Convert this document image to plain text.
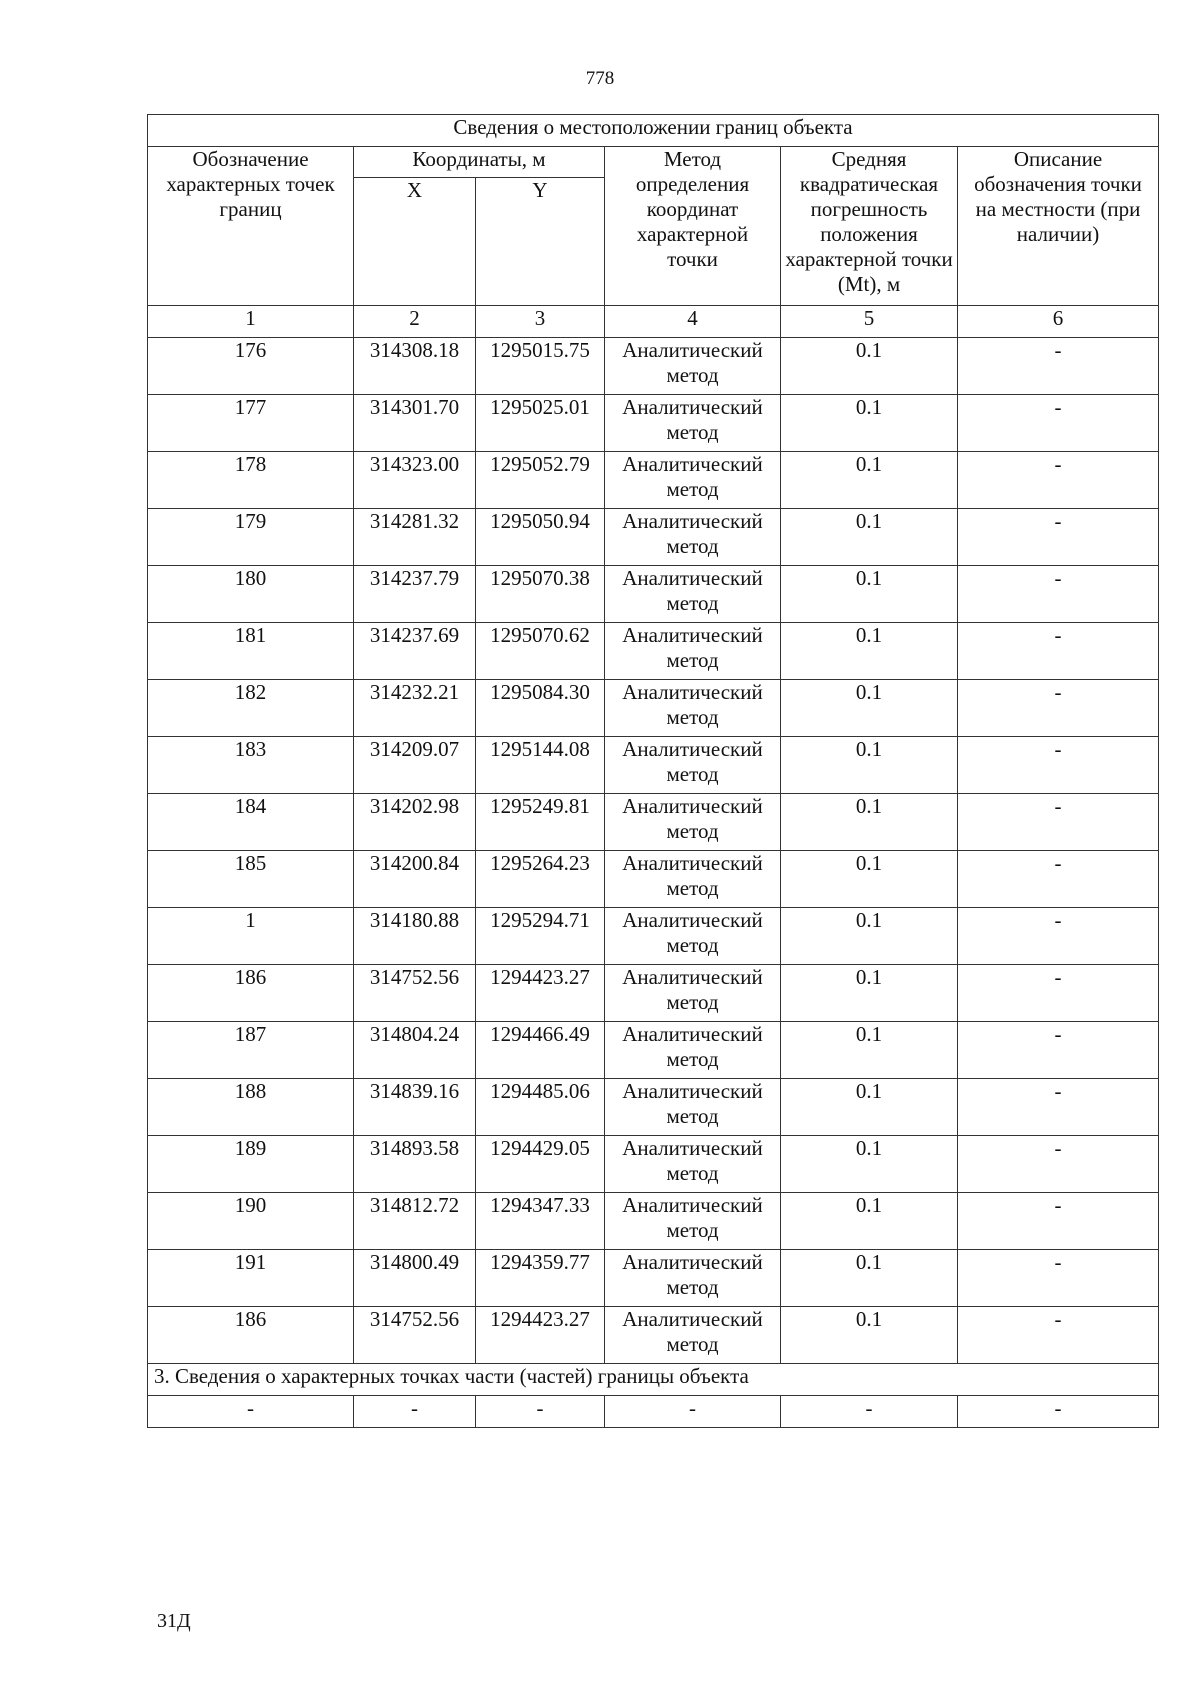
778
Сведения о местоположении границ объекта					
Обозначение характерных точек границ	Координаты, м		Метод определения координат характерной точки	Средняя квадратическая погрешность положения характерной точки (Mt), м	Описание обозначения точки на местности (при наличии)
	X	Y			
1	2	3	4	5	6
176	314308.18	1295015.75	Аналитический метод	0.1	-
177	314301.70	1295025.01	Аналитический метод	0.1	-
178	314323.00	1295052.79	Аналитический метод	0.1	-
179	314281.32	1295050.94	Аналитический метод	0.1	-
180	314237.79	1295070.38	Аналитический метод	0.1	-
181	314237.69	1295070.62	Аналитический метод	0.1	-
182	314232.21	1295084.30	Аналитический метод	0.1	-
183	314209.07	1295144.08	Аналитический метод	0.1	-
184	314202.98	1295249.81	Аналитический метод	0.1	-
185	314200.84	1295264.23	Аналитический метод	0.1	-
1	314180.88	1295294.71	Аналитический метод	0.1	-
186	314752.56	1294423.27	Аналитический метод	0.1	-
187	314804.24	1294466.49	Аналитический метод	0.1	-
188	314839.16	1294485.06	Аналитический метод	0.1	-
189	314893.58	1294429.05	Аналитический метод	0.1	-
190	314812.72	1294347.33	Аналитический метод	0.1	-
191	314800.49	1294359.77	Аналитический метод	0.1	-
186	314752.56	1294423.27	Аналитический метод	0.1	-
3. Сведения о характерных точках части (частей) границы объекта					
-	-	-	-	-	-
31Д
